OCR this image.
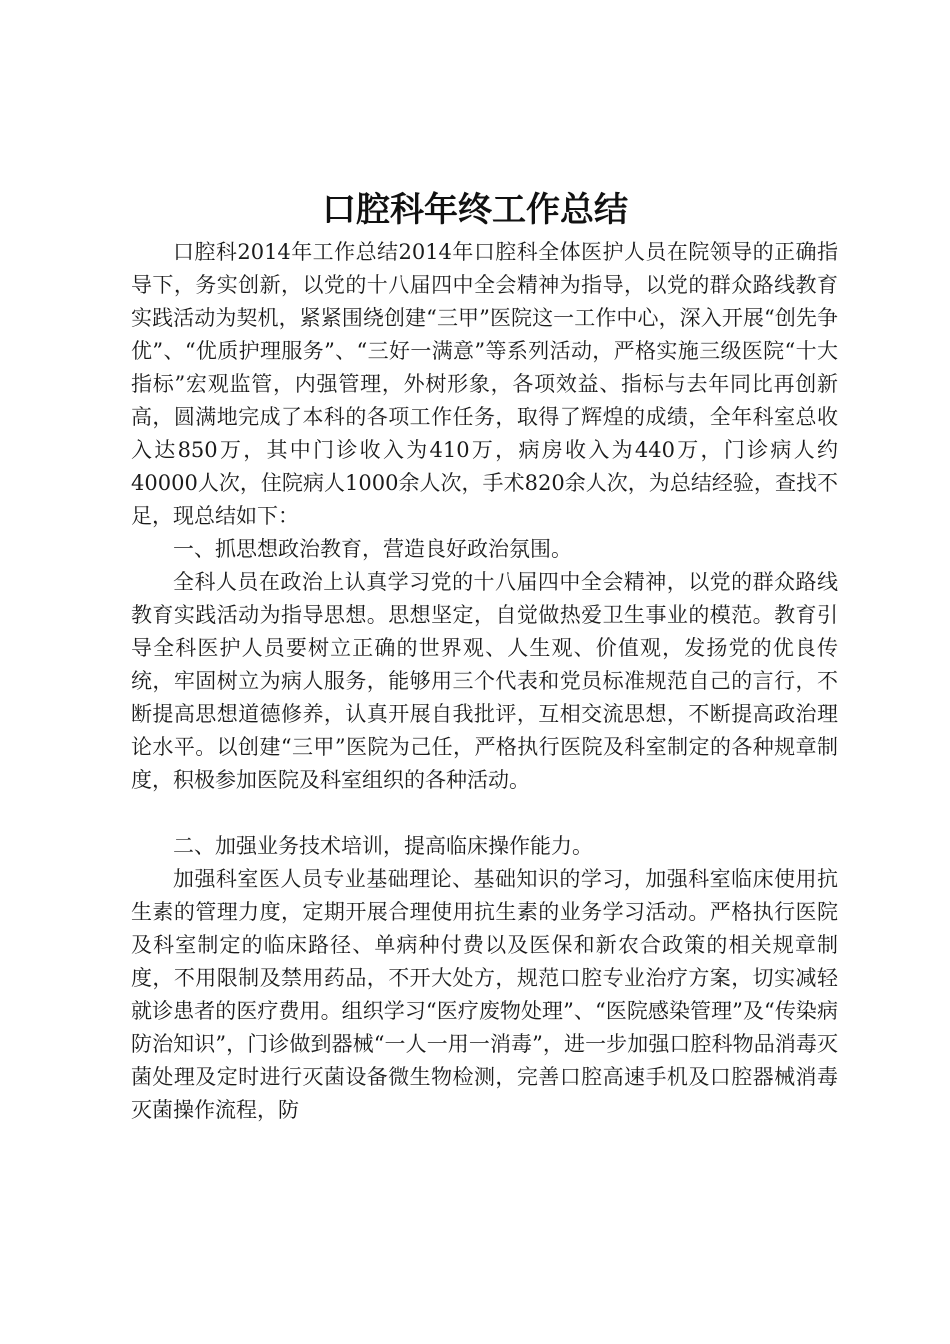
口腔科年终工作总结

口腔科2014年工作总结2014年口腔科全体医护人员在院领导的正确指导下，务实创新，以党的十八届四中全会精神为指导，以党的群众路线教育实践活动为契机，紧紧围绕创建“三甲”医院这一工作中心，深入开展“创先争优”、“优质护理服务”、“三好一满意”等系列活动，严格实施三级医院“十大指标”宏观监管，内强管理，外树形象，各项效益、指标与去年同比再创新高，圆满地完成了本科的各项工作任务，取得了辉煌的成绩，全年科室总收入达850万，其中门诊收入为410万，病房收入为440万，门诊病人约40000人次，住院病人1000余人次，手术820余人次，为总结经验，查找不足，现总结如下：

一、抓思想政治教育，营造良好政治氛围。

全科人员在政治上认真学习党的十八届四中全会精神，以党的群众路线教育实践活动为指导思想。思想坚定，自觉做热爱卫生事业的模范。教育引导全科医护人员要树立正确的世界观、人生观、价值观，发扬党的优良传统，牢固树立为病人服务，能够用三个代表和党员标准规范自己的言行，不断提高思想道德修养，认真开展自我批评，互相交流思想，不断提高政治理论水平。以创建“三甲”医院为己任，严格执行医院及科室制定的各种规章制度，积极参加医院及科室组织的各种活动。

二、加强业务技术培训，提高临床操作能力。

加强科室医人员专业基础理论、基础知识的学习，加强科室临床使用抗生素的管理力度，定期开展合理使用抗生素的业务学习活动。严格执行医院及科室制定的临床路径、单病种付费以及医保和新农合政策的相关规章制度，不用限制及禁用药品，不开大处方，规范口腔专业治疗方案，切实减轻就诊患者的医疗费用。组织学习“医疗废物处理”、“医院感染管理”及“传染病防治知识”，门诊做到器械“一人一用一消毒”，进一步加强口腔科物品消毒灭菌处理及定时进行灭菌设备微生物检测，完善口腔高速手机及口腔器械消毒灭菌操作流程，防
